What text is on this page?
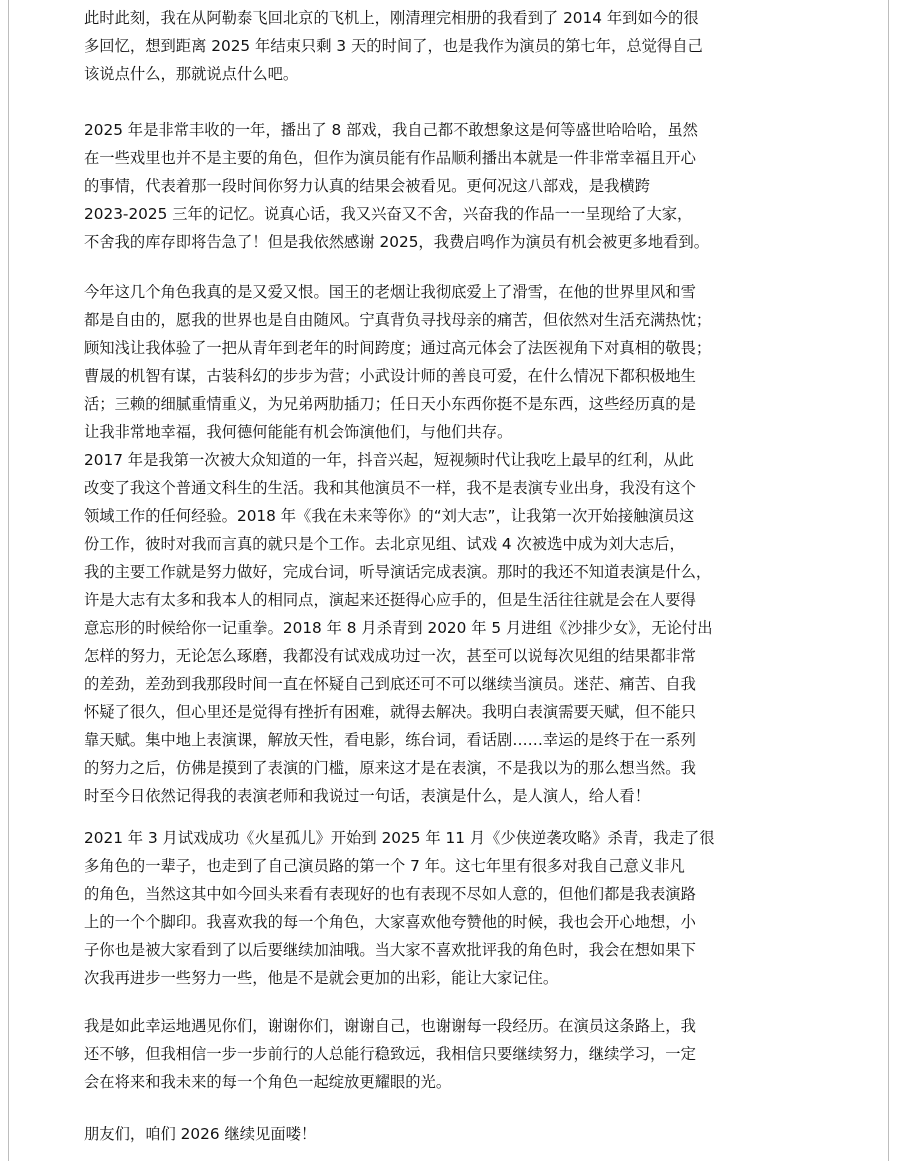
此时此刻，我在从阿勒泰飞回北京的飞机上，刚清理完相册的我看到了 2014 年到如今的很
多回忆，想到距离 2025 年结束只剩 3 天的时间了，也是我作为演员的第七年，总觉得自己
该说点什么，那就说点什么吧。
2025 年是非常丰收的一年，播出了 8 部戏，我自己都不敢想象这是何等盛世哈哈哈，虽然
在一些戏里也并不是主要的角色，但作为演员能有作品顺利播出本就是一件非常幸福且开心
的事情，代表着那一段时间你努力认真的结果会被看见。更何况这八部戏，是我横跨
2023-2025 三年的记忆。说真心话，我又兴奋又不舍，兴奋我的作品一一呈现给了大家，
不舍我的库存即将告急了！但是我依然感谢 2025，我费启鸣作为演员有机会被更多地看到。
今年这几个角色我真的是又爱又恨。国王的老烟让我彻底爱上了滑雪，在他的世界里风和雪
都是自由的，愿我的世界也是自由随风。宁真背负寻找母亲的痛苦，但依然对生活充满热忱；
顾知浅让我体验了一把从青年到老年的时间跨度；通过高元体会了法医视角下对真相的敬畏；
曹晟的机智有谋，古装科幻的步步为营；小武设计师的善良可爱，在什么情况下都积极地生
活；三赖的细腻重情重义，为兄弟两肋插刀；任日天小东西你挺不是东西，这些经历真的是
让我非常地幸福，我何德何能能有机会饰演他们，与他们共存。
2017 年是我第一次被大众知道的一年，抖音兴起，短视频时代让我吃上最早的红利，从此
改变了我这个普通文科生的生活。我和其他演员不一样，我不是表演专业出身，我没有这个
领域工作的任何经验。2018 年《我在未来等你》的“刘大志”，让我第一次开始接触演员这
份工作，彼时对我而言真的就只是个工作。去北京见组、试戏 4 次被选中成为刘大志后，
我的主要工作就是努力做好，完成台词，听导演话完成表演。那时的我还不知道表演是什么，
许是大志有太多和我本人的相同点，演起来还挺得心应手的，但是生活往往就是会在人要得
意忘形的时候给你一记重拳。2018 年 8 月杀青到 2020 年 5 月进组《沙排少女》，无论付出
怎样的努力，无论怎么琢磨，我都没有试戏成功过一次，甚至可以说每次见组的结果都非常
的差劲，差劲到我那段时间一直在怀疑自己到底还可不可以继续当演员。迷茫、痛苦、自我
怀疑了很久，但心里还是觉得有挫折有困难，就得去解决。我明白表演需要天赋，但不能只
靠天赋。集中地上表演课，解放天性，看电影，练台词，看话剧……幸运的是终于在一系列
的努力之后，仿佛是摸到了表演的门槛，原来这才是在表演，不是我以为的那么想当然。我
时至今日依然记得我的表演老师和我说过一句话，表演是什么，是人演人，给人看！
2021 年 3 月试戏成功《火星孤儿》开始到 2025 年 11 月《少侠逆袭攻略》杀青，我走了很
多角色的一辈子，也走到了自己演员路的第一个 7 年。这七年里有很多对我自己意义非凡
的角色，当然这其中如今回头来看有表现好的也有表现不尽如人意的，但他们都是我表演路
上的一个个脚印。我喜欢我的每一个角色，大家喜欢他夸赞他的时候，我也会开心地想，小
子你也是被大家看到了以后要继续加油哦。当大家不喜欢批评我的角色时，我会在想如果下
次我再进步一些努力一些，他是不是就会更加的出彩，能让大家记住。
我是如此幸运地遇见你们，谢谢你们，谢谢自己，也谢谢每一段经历。在演员这条路上，我
还不够，但我相信一步一步前行的人总能行稳致远，我相信只要继续努力，继续学习，一定
会在将来和我未来的每一个角色一起绽放更耀眼的光。
朋友们，咱们 2026 继续见面喽！
